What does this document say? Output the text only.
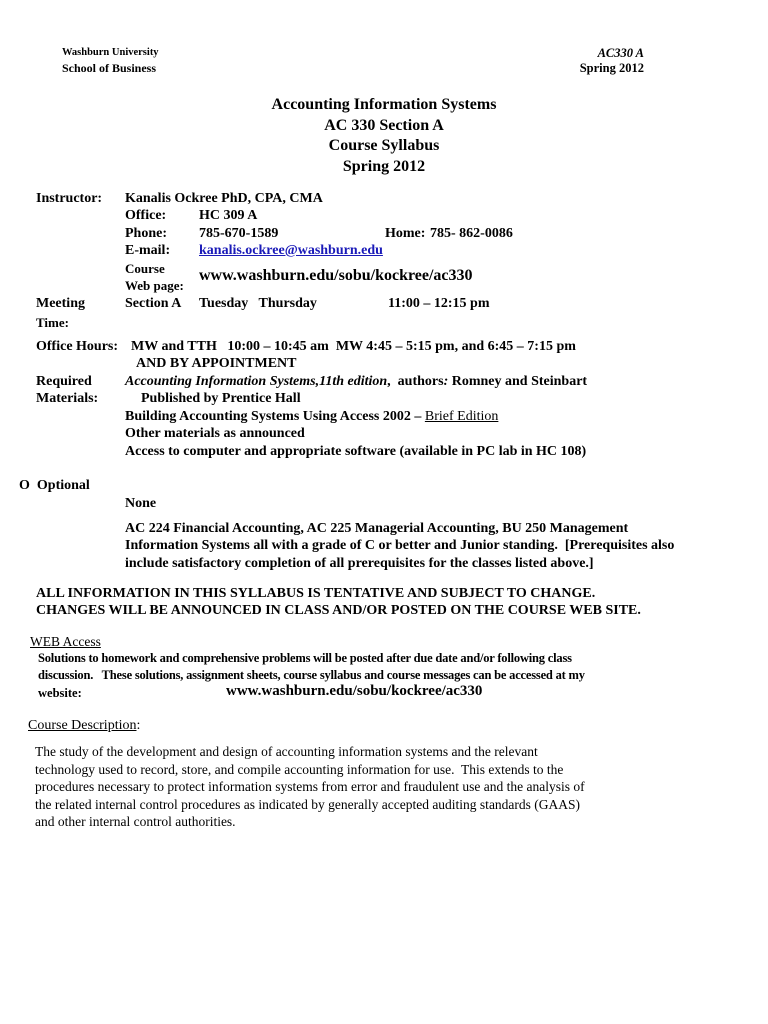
Washburn University
School of Business
AC330 A
Spring 2012
Accounting Information Systems
AC 330 Section A
Course Syllabus
Spring 2012
Instructor: Kanalis Ockree PhD, CPA, CMA
Office: HC 309 A
Phone: 785-670-1589	Home: 785- 862-0086
E-mail: kanalis.ockree@washburn.edu
Course
Web page:
www.washburn.edu/sobu/kockree/ac330
Meeting
Time:
Section A Tuesday   Thursday	11:00 – 12:15 pm
Office Hours: MW and TTH   10:00 – 10:45 am  MW 4:45 – 5:15 pm, and 6:45 – 7:15 pm
AND BY APPOINTMENT
Required
Materials:
Accounting Information Systems,11th edition,  authors: Romney and Steinbart
Published by Prentice Hall
Building Accounting Systems Using Access 2002 – Brief Edition
Other materials as announced
Access to computer and appropriate software (available in PC lab in HC 108)
O  Optional
None
AC 224 Financial Accounting, AC 225 Managerial Accounting, BU 250 Management
Information Systems all with a grade of C or better and Junior standing.  [Prerequisites also
include satisfactory completion of all prerequisites for the classes listed above.]
ALL INFORMATION IN THIS SYLLABUS IS TENTATIVE AND SUBJECT TO CHANGE.
CHANGES WILL BE ANNOUNCED IN CLASS AND/OR POSTED ON THE COURSE WEB SITE.
WEB Access
Solutions to homework and comprehensive problems will be posted after due date and/or following class
discussion.   These solutions, assignment sheets, course syllabus and course messages can be accessed at my
website:	www.washburn.edu/sobu/kockree/ac330
Course Description:
The study of the development and design of accounting information systems and the relevant
technology used to record, store, and compile accounting information for use.  This extends to the
procedures necessary to protect information systems from error and fraudulent use and the analysis of
the related internal control procedures as indicated by generally accepted auditing standards (GAAS)
and other internal control authorities.
